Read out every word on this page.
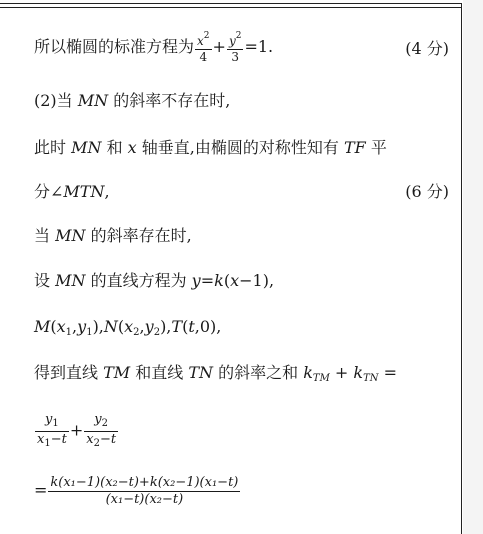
所以椭圆的标准方程为 $\frac{x^2}{4} + \frac{y^2}{3} =1$.	(4 分)
(2)当 MN 的斜率不存在时,
此时 MN 和 x 轴垂直,由椭圆的对称性知有 TF 平
分∠MTN,	(6 分)
当 MN 的斜率存在时,
设 MN 的直线方程为 y=k(x−1),
$M(x_1,y_1),N(x_2,y_2),T(t,0)$,
得到直线 TM 和直线 TN 的斜率之和 $k_{TM} + k_{TN}$ =
$\frac{y_1}{x_1-t} + \frac{y_2}{x_2-t}$
= $\frac{\text{k(x₁−1)(x₂−t)+k(x₂−1)(x₁−t)}}{\text{(x₁−t)(x₂−t)}}$
